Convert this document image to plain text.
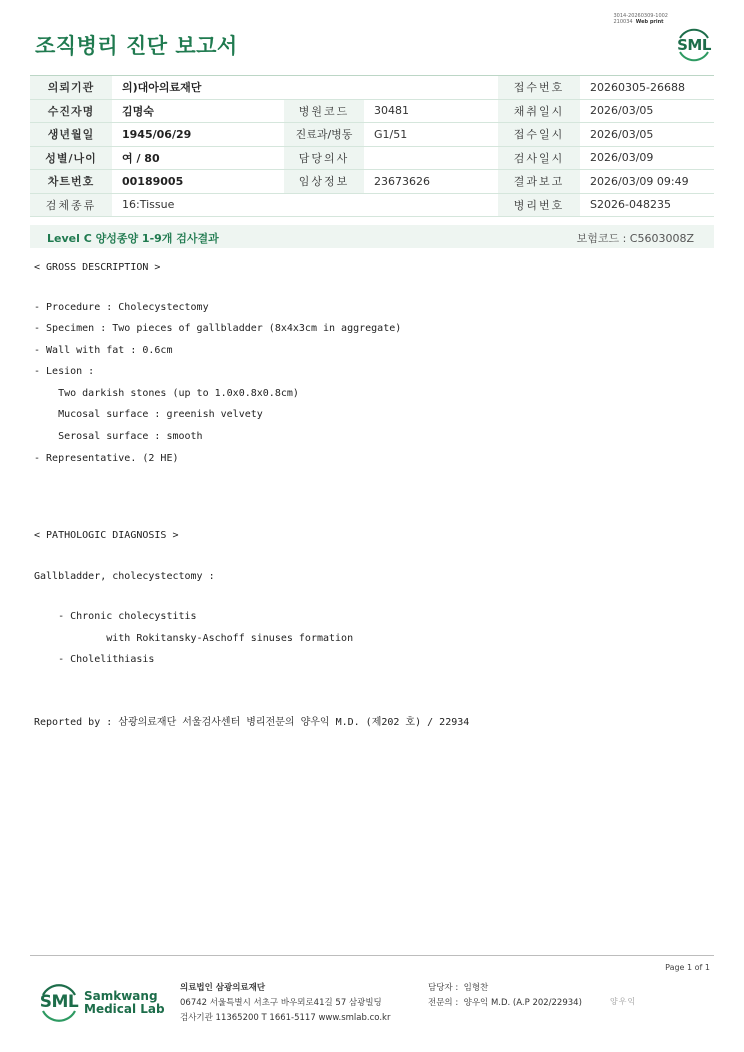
3014-20260309-1002
210034 Web print
조직병리 진단 보고서	SML
의뢰기관	의)대아의료재단			접수번호	20260305-26688
수진자명	김명숙	병원코드	30481	채취일시	2026/03/05
생년월일	1945/06/29	진료과/병동	G1/51	접수일시	2026/03/05
성별/나이	여 / 80	담당의사		검사일시	2026/03/09
차트번호	00189005	임상정보	23673626	결과보고	2026/03/09 09:49
검체종류	16:Tissue			병리번호	S2026-048235
Level C 양성종양 1-9개 검사결과	보험코드 : C5603008Z
< GROSS DESCRIPTION >
- Procedure : Cholecystectomy
- Specimen : Two pieces of gallbladder (8x4x3cm in aggregate)
- Wall with fat : 0.6cm
- Lesion :
Two darkish stones (up to 1.0x0.8x0.8cm)
Mucosal surface : greenish velvety
Serosal surface : smooth
- Representative. (2 HE)
< PATHOLOGIC DIAGNOSIS >
Gallbladder, cholecystectomy :
- Chronic cholecystitis
with Rokitansky-Aschoff sinuses formation
- Cholelithiasis
Reported by : 삼광의료재단 서울검사센터 병리전문의 양우익 M.D. (제202 호) / 22934
Page 1 of 1
SML Samkwang
Medical Lab
의료법인 삼광의료재단
06742 서울특별시 서초구 바우뫼로41길 57 삼광빌딩
검사기관 11365200 T 1661-5117 www.smlab.co.kr
담당자 : 임형찬
전문의 : 양우익 M.D. (A.P 202/22934)	양우익
